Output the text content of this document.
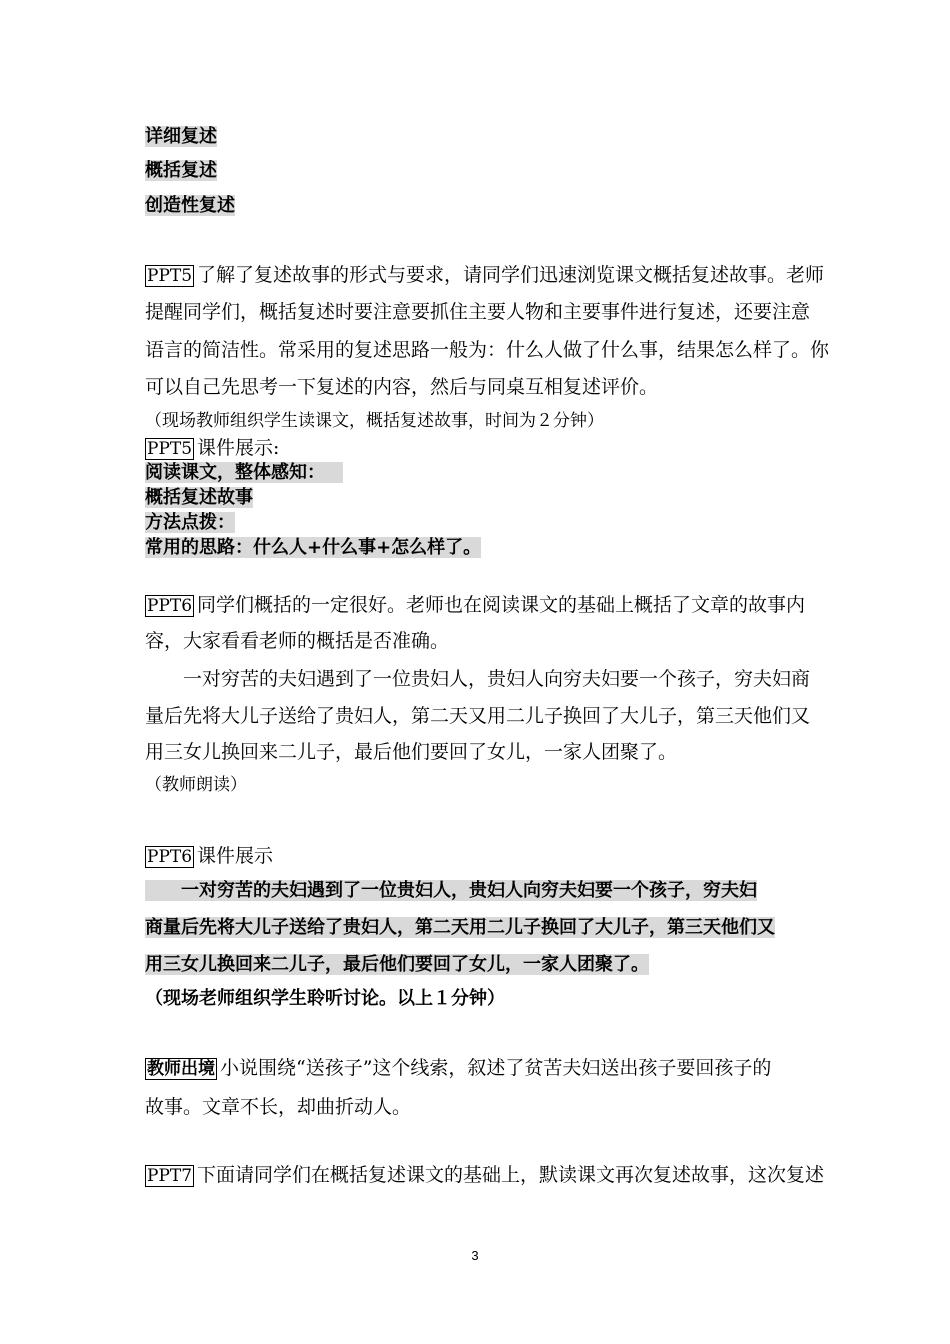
详细复述
概括复述
创造性复述
PPT5 了解了复述故事的形式与要求，请同学们迅速浏览课文概括复述故事。老师
提醒同学们，概括复述时要注意要抓住主要人物和主要事件进行复述，还要注意
语言的简洁性。常采用的复述思路一般为：什么人做了什么事，结果怎么样了。你
可以自己先思考一下复述的内容，然后与同桌互相复述评价。
（现场教师组织学生读课文，概括复述故事，时间为２分钟）
PPT5 课件展示:
阅读课文，整体感知： 
概括复述故事
方法点拨：
常用的思路：什么人+什么事+怎么样了。
PPT6 同学们概括的一定很好。老师也在阅读课文的基础上概括了文章的故事内
容，大家看看老师的概括是否准确。
一对穷苦的夫妇遇到了一位贵妇人，贵妇人向穷夫妇要一个孩子，穷夫妇商
量后先将大儿子送给了贵妇人，第二天又用二儿子换回了大儿子，第三天他们又
用三女儿换回来二儿子，最后他们要回了女儿，一家人团聚了。
（教师朗读）
PPT6 课件展示
  一对穷苦的夫妇遇到了一位贵妇人，贵妇人向穷夫妇要一个孩子，穷夫妇
商量后先将大儿子送给了贵妇人，第二天用二儿子换回了大儿子，第三天他们又
用三女儿换回来二儿子，最后他们要回了女儿，一家人团聚了。
（现场老师组织学生聆听讨论。以上１分钟）
教师出境 小说围绕“送孩子”这个线索，叙述了贫苦夫妇送出孩子要回孩子的
故事。文章不长，却曲折动人。
PPT7 下面请同学们在概括复述课文的基础上，默读课文再次复述故事，这次复述
3
